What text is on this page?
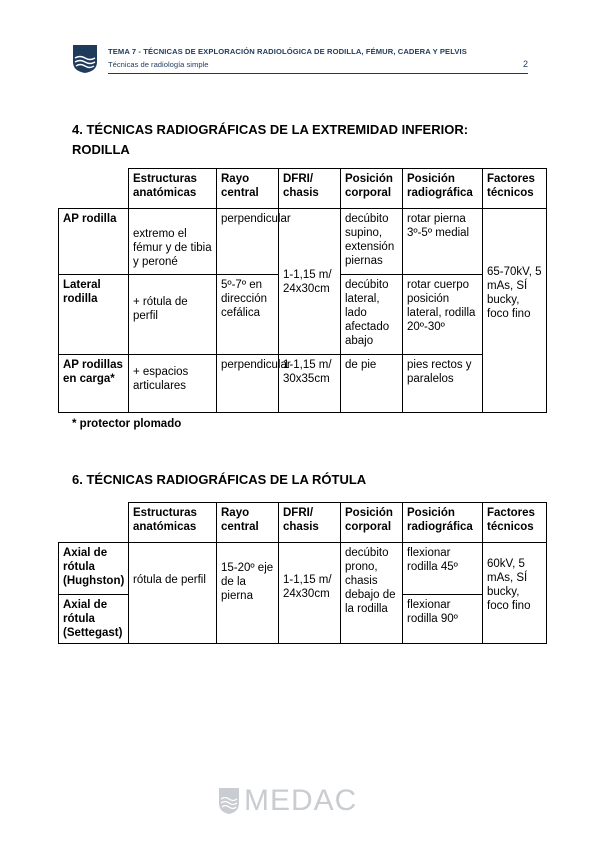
TEMA 7 - TÉCNICAS DE EXPLORACIÓN RADIOLÓGICA DE RODILLA, FÉMUR, CADERA Y PELVIS
Técnicas de radiología simple	2
4. TÉCNICAS RADIOGRÁFICAS DE LA EXTREMIDAD INFERIOR:
RODILLA
	Estructuras anatómicas	Rayo central	DFRI/ chasis	Posición corporal	Posición radiográfica	Factores técnicos
AP rodilla	extremo el fémur y de tibia y peroné	perpendicular	1-1,15 m/ 24x30cm	decúbito supino, extensión piernas	rotar pierna 3º-5º medial	65-70kV, 5 mAs, SÍ bucky, foco fino
Lateral rodilla	+ rótula de perfil	5º-7º en dirección cefálica		decúbito lateral, lado afectado abajo	rotar cuerpo posición lateral, rodilla 20º-30º	
AP rodillas en carga*	+ espacios articulares	perpendicular	1-1,15 m/ 30x35cm	de pie	pies rectos y paralelos	
* protector plomado
6. TÉCNICAS RADIOGRÁFICAS DE LA RÓTULA
	Estructuras anatómicas	Rayo central	DFRI/ chasis	Posición corporal	Posición radiográfica	Factores técnicos
Axial de rótula (Hughston)	rótula de perfil	15-20º eje de la pierna	1-1,15 m/ 24x30cm	decúbito prono, chasis debajo de la rodilla	flexionar rodilla 45º	60kV, 5 mAs, SÍ bucky, foco fino
Axial de rótula (Settegast)					flexionar rodilla 90º	
MEDAC
